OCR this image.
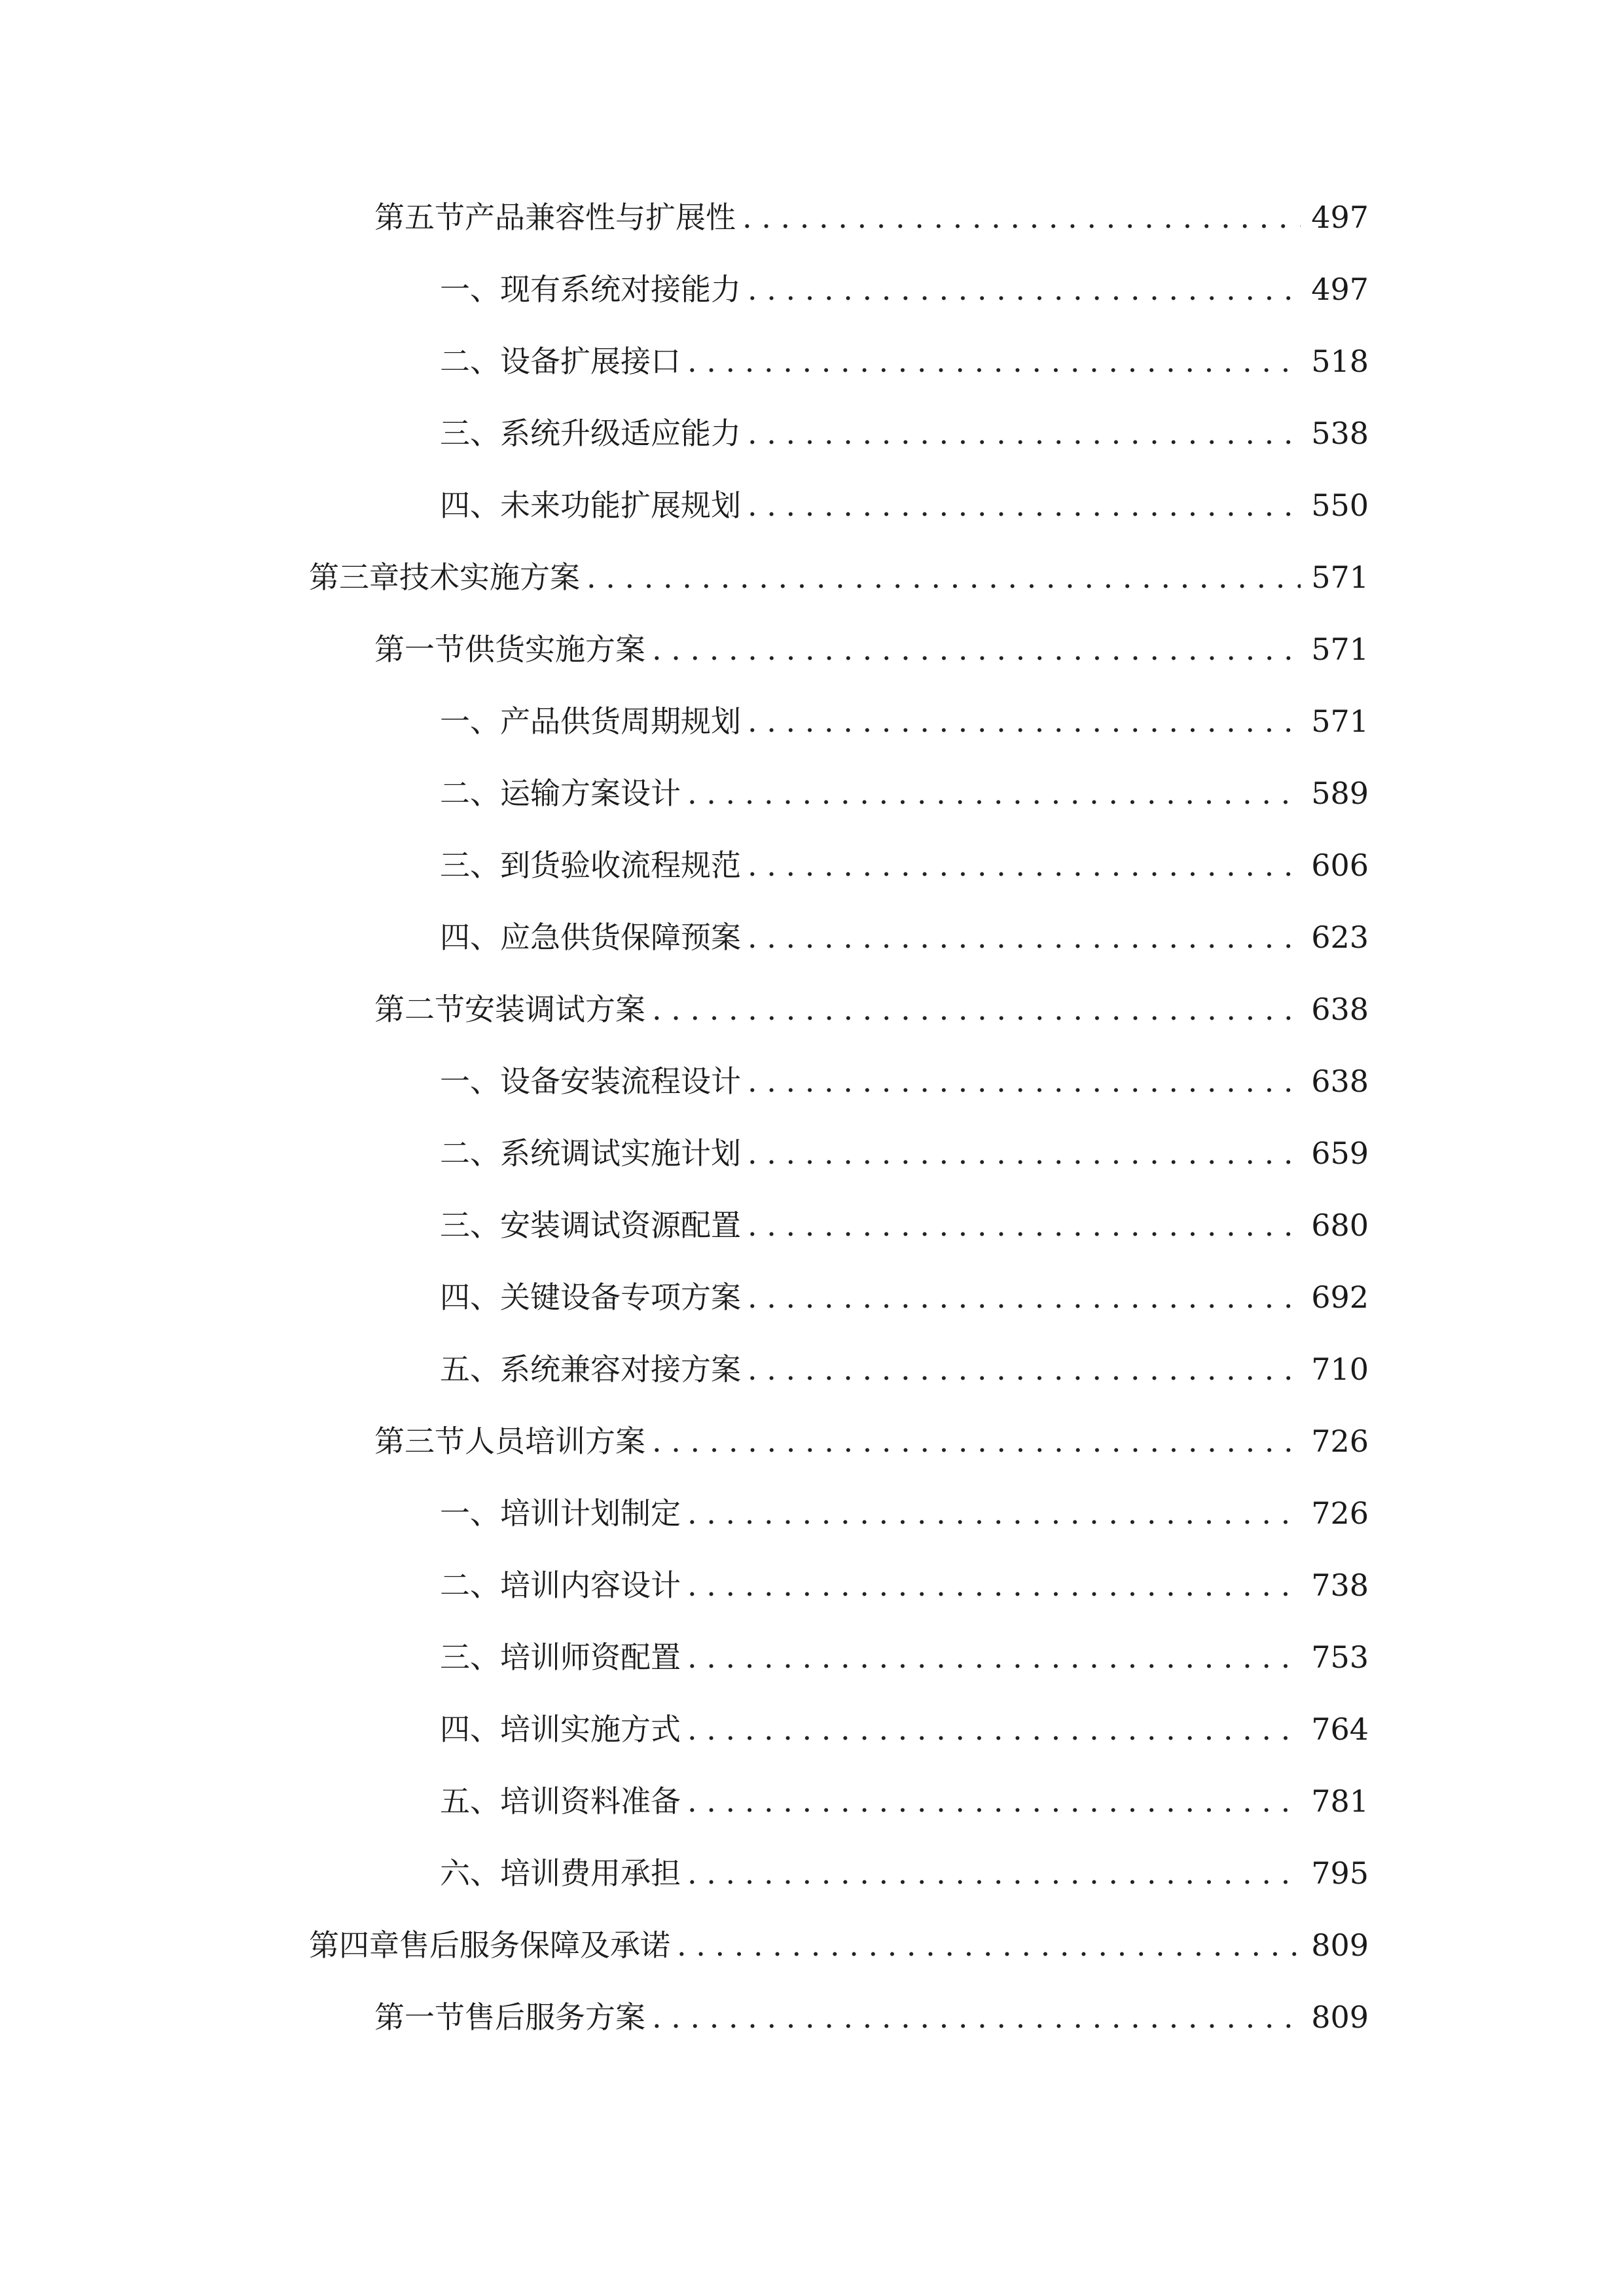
第五节 产品兼容性与扩展性 . . .	497
一、 现有系统对接能力 . . .	497
二、 设备扩展接口 . . .	518
三、 系统升级适应能力 . . .	538
四、 未来功能扩展规划 . . .	550
第三章 技术实施方案 . . .	571
第一节 供货实施方案 . . .	571
一、 产品供货周期规划 . . .	571
二、 运输方案设计 . . .	589
三、 到货验收流程规范 . . .	606
四、 应急供货保障预案 . . .	623
第二节 安装调试方案 . . .	638
一、 设备安装流程设计 . . .	638
二、 系统调试实施计划 . . .	659
三、 安装调试资源配置 . . .	680
四、 关键设备专项方案 . . .	692
五、 系统兼容对接方案 . . .	710
第三节 人员培训方案 . . .	726
一、 培训计划制定 . . .	726
二、 培训内容设计 . . .	738
三、 培训师资配置 . . .	753
四、 培训实施方式 . . .	764
五、 培训资料准备 . . .	781
六、 培训费用承担 . . .	795
第四章 售后服务保障及承诺 . . .	809
第一节 售后服务方案 . . .	809
